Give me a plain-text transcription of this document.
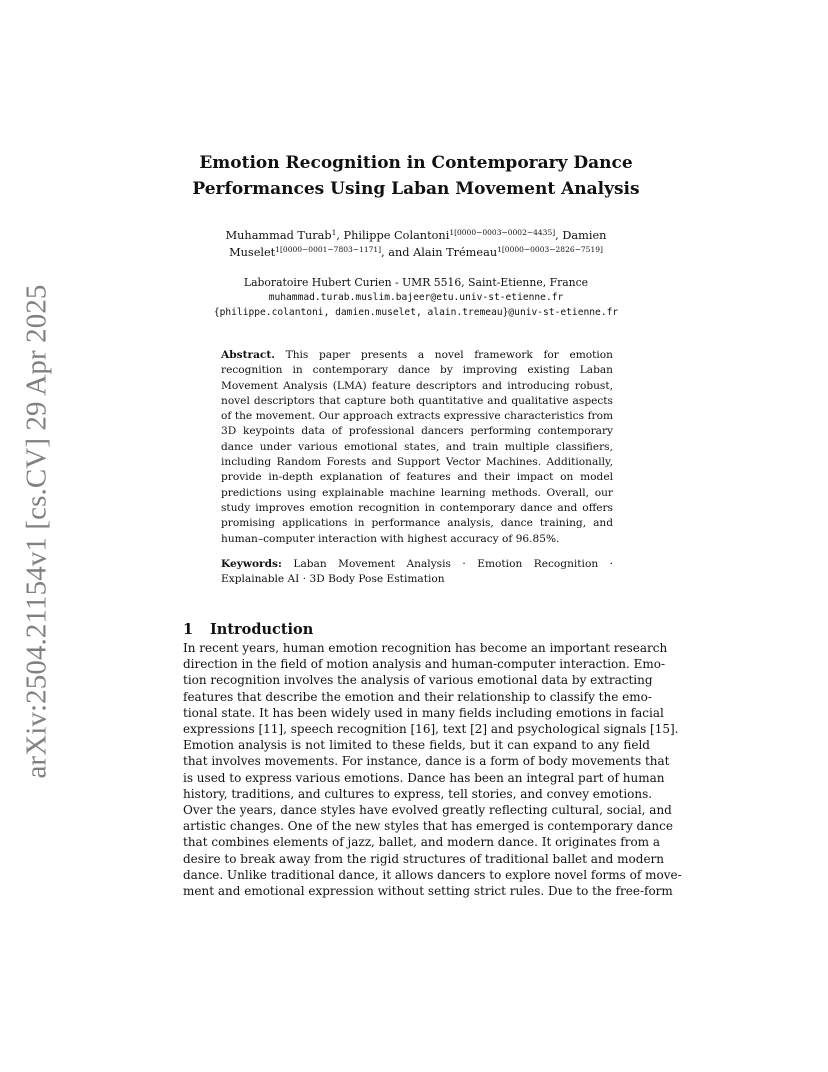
arXiv:2504.21154v1 [cs.CV] 29 Apr 2025
Emotion Recognition in Contemporary Dance
Performances Using Laban Movement Analysis
Muhammad Turab$^1$, Philippe Colantoni$^{1[0000-0003-0002-4435]}$, Damien
Muselet$^{1[0000-0001-7803-1171]}$, and Alain Trémeau$^{1[0000-0003-2826-7519]}$
Laboratoire Hubert Curien - UMR 5516, Saint-Etienne, France
muhammad.turab.muslim.bajeer@etu.univ-st-etienne.fr
{philippe.colantoni, damien.muselet, alain.tremeau}@univ-st-etienne.fr

Abstract. This paper presents a novel framework for emotion recognition in contemporary dance by improving existing Laban Movement Analysis (LMA) feature descriptors and introducing robust, novel descriptors that capture both quantitative and qualitative aspects of the movement. Our approach extracts expressive characteristics from 3D keypoints data of professional dancers performing contemporary dance under various emotional states, and train multiple classifiers, including Random Forests and Support Vector Machines. Additionally, provide in-depth explanation of features and their impact on model predictions using explainable machine learning methods. Overall, our study improves emotion recognition in contemporary dance and offers promising applications in performance analysis, dance training, and human–computer interaction with highest accuracy of 96.85%.

Keywords: Laban Movement Analysis · Emotion Recognition · Explainable AI · 3D Body Pose Estimation

1 Introduction
In recent years, human emotion recognition has become an important research
direction in the field of motion analysis and human-computer interaction. Emo-
tion recognition involves the analysis of various emotional data by extracting
features that describe the emotion and their relationship to classify the emo-
tional state. It has been widely used in many fields including emotions in facial
expressions [11], speech recognition [16], text [2] and psychological signals [15].
Emotion analysis is not limited to these fields, but it can expand to any field
that involves movements. For instance, dance is a form of body movements that
is used to express various emotions. Dance has been an integral part of human
history, traditions, and cultures to express, tell stories, and convey emotions.
Over the years, dance styles have evolved greatly reflecting cultural, social, and
artistic changes. One of the new styles that has emerged is contemporary dance
that combines elements of jazz, ballet, and modern dance. It originates from a
desire to break away from the rigid structures of traditional ballet and modern
dance. Unlike traditional dance, it allows dancers to explore novel forms of move-
ment and emotional expression without setting strict rules. Due to the free-form
